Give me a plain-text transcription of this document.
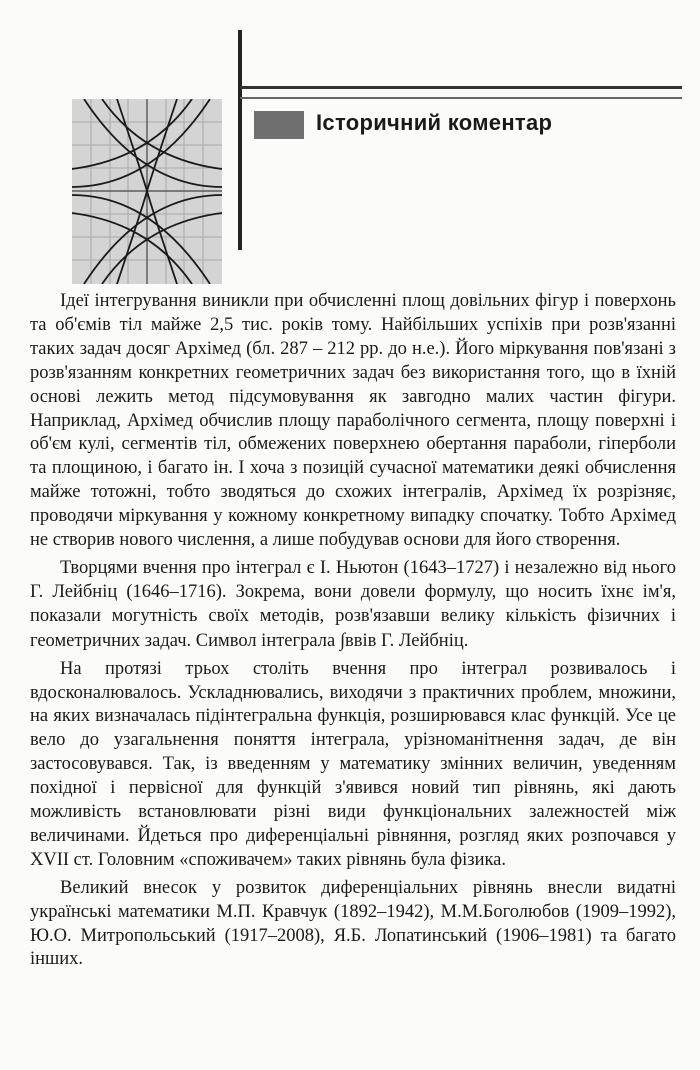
Історичний коментар

Ідеї інтегрування виникли при обчисленні площ довільних фігур і поверхонь та об'ємів тіл майже 2,5 тис. років тому. Найбільших успіхів при розв'язанні таких задач досяг Архімед (бл. 287 – 212 рр. до н.е.). Його міркування пов'язані з розв'язанням конкретних геометричних задач без використання того, що в їхній основі лежить метод підсумовування як завгодно малих частин фігури. Наприклад, Архімед обчислив площу параболічного сегмента, площу поверхні і об'єм кулі, сегментів тіл, обмежених поверхнею обертання параболи, гіперболи та площиною, і багато ін. І хоча з позицій сучасної математики деякі обчислення майже тотожні, тобто зводяться до схожих інтегралів, Архімед їх розрізняє, проводячи міркування у кожному конкретному випадку спочатку. Тобто Архімед не створив нового числення, а лише побудував основи для його створення.

Творцями вчення про інтеграл є І. Ньютон (1643–1727) і незалежно від нього Г. Лейбніц (1646–1716). Зокрема, вони довели формулу, що носить їхнє ім'я, показали могутність своїх методів, розв'язавши велику кількість фізичних і геометричних задач. Символ інтеграла ∫ввів Г. Лейбніц.

На протязі трьох століть вчення про інтеграл розвивалось і вдосконалювалось. Ускладнювались, виходячи з практичних проблем, множини, на яких визначалась підінтегральна функція, розширювався клас функцій. Усе це вело до узагальнення поняття інтеграла, урізноманітнення задач, де він застосовувався. Так, із введенням у математику змінних величин, уведенням похідної і первісної для функцій з'явився новий тип рівнянь, які дають можливість встановлювати різні види функціональних залежностей між величинами. Йдеться про диференціальні рівняння, розгляд яких розпочався у XVII ст. Головним «споживачем» таких рівнянь була фізика.

Великий внесок у розвиток диференціальних рівнянь внесли видатні українські математики М.П. Кравчук (1892–1942), М.М.Боголюбов (1909–1992), Ю.О. Митропольський (1917–2008), Я.Б. Лопатинський (1906–1981) та багато інших.
